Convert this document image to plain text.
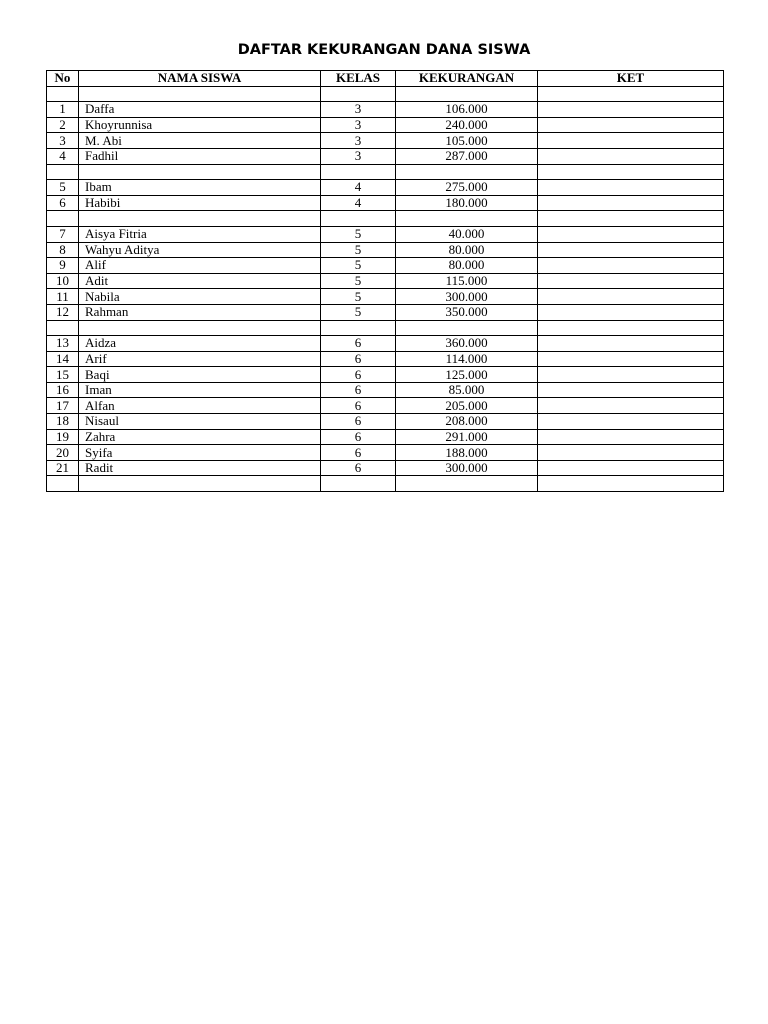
DAFTAR KEKURANGAN DANA SISWA
No	NAMA SISWA	KELAS	KEKURANGAN	KET

1	Daffa	3	106.000	
2	Khoyrunnisa	3	240.000	
3	M. Abi	3	105.000	
4	Fadhil	3	287.000	

5	Ibam	4	275.000	
6	Habibi	4	180.000	

7	Aisya Fitria	5	40.000	
8	Wahyu Aditya	5	80.000	
9	Alif	5	80.000	
10	Adit	5	115.000	
11	Nabila	5	300.000	
12	Rahman	5	350.000	

13	Aidza	6	360.000	
14	Arif	6	114.000	
15	Baqi	6	125.000	
16	Iman	6	85.000	
17	Alfan	6	205.000	
18	Nisaul	6	208.000	
19	Zahra	6	291.000	
20	Syifa	6	188.000	
21	Radit	6	300.000	
